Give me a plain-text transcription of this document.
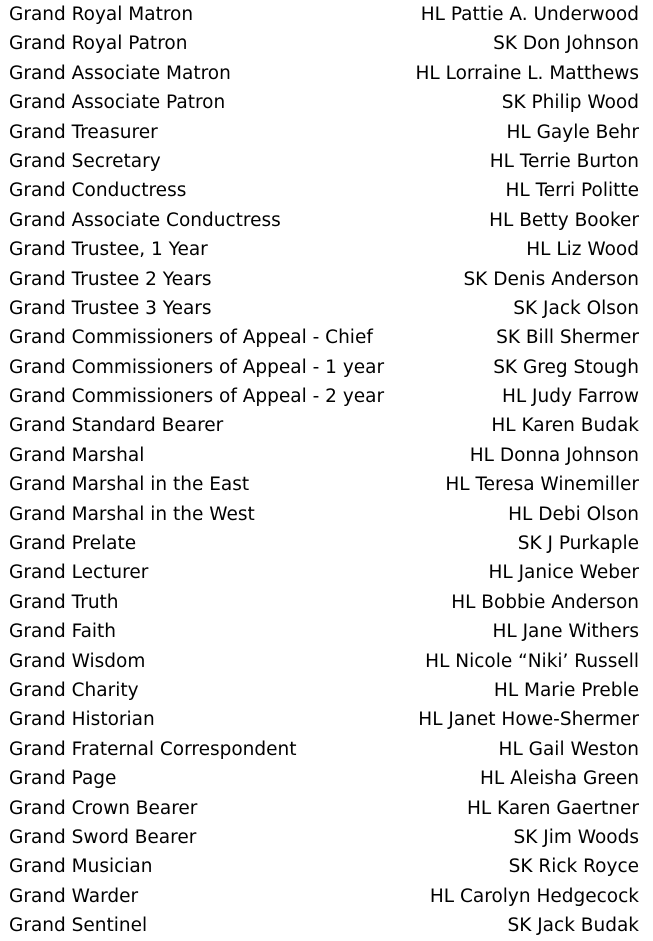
Grand Royal Matron	HL Pattie A. Underwood
Grand Royal Patron	SK Don Johnson
Grand Associate Matron	HL Lorraine L. Matthews
Grand Associate Patron	SK Philip Wood
Grand Treasurer	HL Gayle Behr
Grand Secretary	HL Terrie Burton
Grand Conductress	HL Terri Politte
Grand Associate Conductress	HL Betty Booker
Grand Trustee, 1 Year	HL Liz Wood
Grand Trustee 2 Years	SK Denis Anderson
Grand Trustee 3 Years	SK Jack Olson
Grand Commissioners of Appeal - Chief	SK Bill Shermer
Grand Commissioners of Appeal - 1 year	SK Greg Stough
Grand Commissioners of Appeal - 2 year	HL Judy Farrow
Grand Standard Bearer	HL Karen Budak
Grand Marshal	HL Donna Johnson
Grand Marshal in the East	HL Teresa Winemiller
Grand Marshal in the West	HL Debi Olson
Grand Prelate	SK J Purkaple
Grand Lecturer	HL Janice Weber
Grand Truth	HL Bobbie Anderson
Grand Faith	HL Jane Withers
Grand Wisdom	HL Nicole “Niki’ Russell
Grand Charity	HL Marie Preble
Grand Historian	HL Janet Howe-Shermer
Grand Fraternal Correspondent	HL Gail Weston
Grand Page	HL Aleisha Green
Grand Crown Bearer	HL Karen Gaertner
Grand Sword Bearer	SK Jim Woods
Grand Musician	SK Rick Royce
Grand Warder	HL Carolyn Hedgecock
Grand Sentinel	SK Jack Budak
